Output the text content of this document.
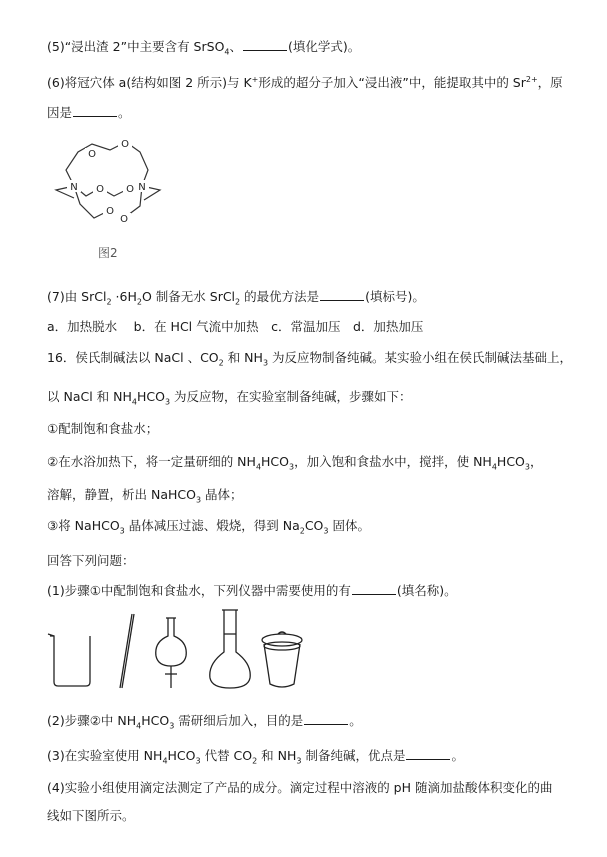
(5)“浸出渣 2”中主要含有 SrSO$_4$、	(填化学式)。
(6)将冠穴体 a(结构如图 2 所示)与 K+形成的超分子加入“浸出液”中，能提取其中的 $Sr^{2+}$，原
因是	。
O
O
N	N
O O
O
O
图2
(7)由 SrCl$_2$ $\cdot 6H_2O$ 制备无水 SrCl$_2$ 的最优方法是	(填标号)。
a．加热脱水　 b．在 HCl 气流中加热　c．常温加压　d．加热加压
16．侯氏制碱法以 NaCl 、$CO_2$ 和 $NH_3$ 为反应物制备纯碱。某实验小组在侯氏制碱法基础上，
以 NaCl 和 $NH_4HCO_3$ 为反应物，在实验室制备纯碱，步骤如下：
①配制饱和食盐水；
②在水浴加热下，将一定量研细的 $NH_4HCO_3$，加入饱和食盐水中，搅拌，使 $NH_4HCO_3$，
溶解，静置，析出 NaHCO$_3$ 晶体；
③将 NaHCO$_3$ 晶体减压过滤、煅烧，得到 $Na_2CO_3$ 固体。
回答下列问题：
(1)步骤①中配制饱和食盐水，下列仪器中需要使用的有	(填名称)。
(2)步骤②中 $NH_4HCO_3$ 需研细后加入，目的是	。
(3)在实验室使用 $NH_4HCO_3$ 代替 $CO_2$ 和 $NH_3$ 制备纯碱，优点是	。
(4)实验小组使用滴定法测定了产品的成分。滴定过程中溶液的 pH 随滴加盐酸体积变化的曲
线如下图所示。
